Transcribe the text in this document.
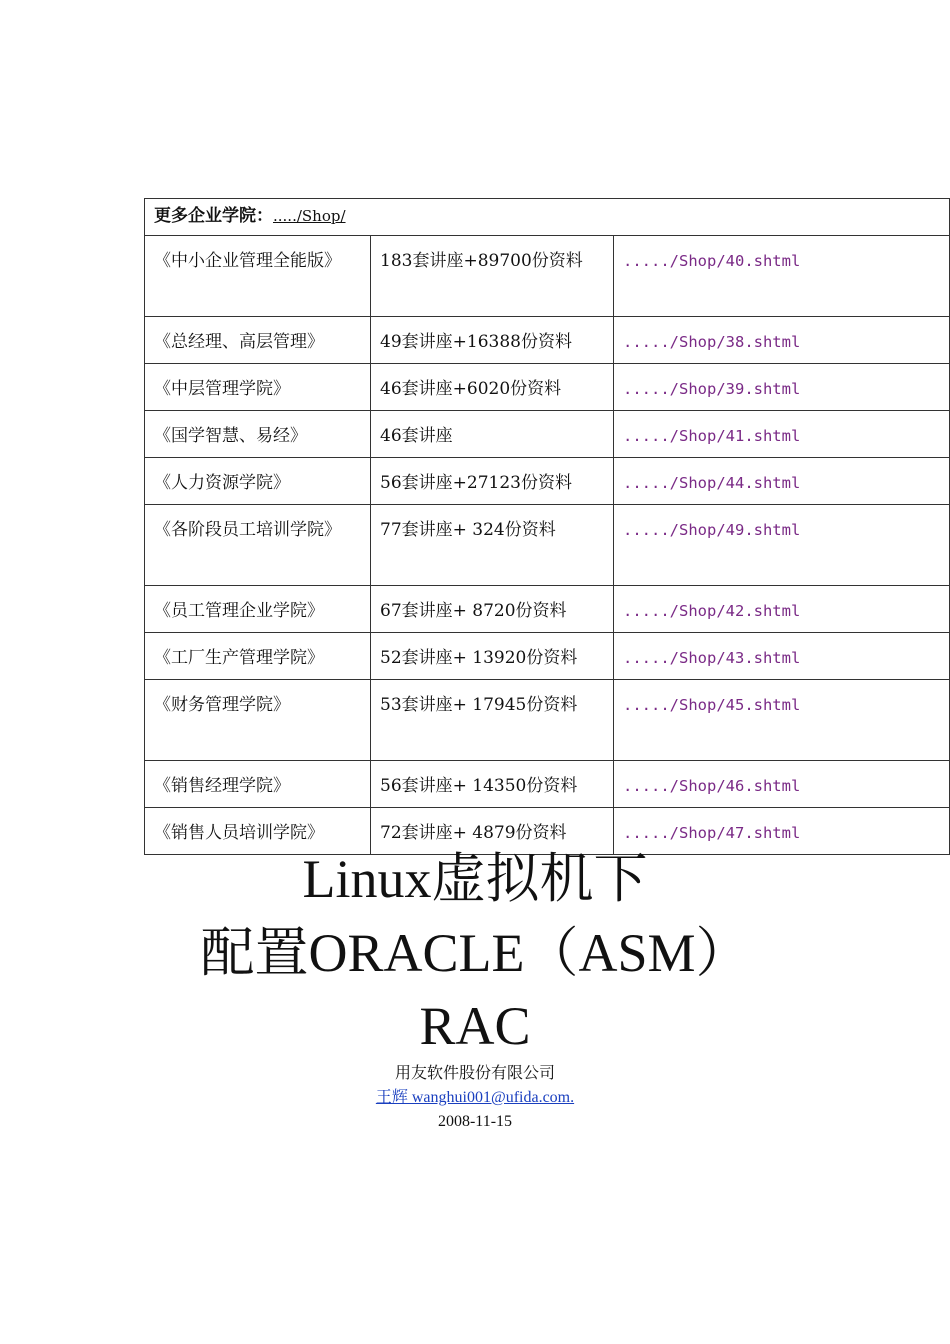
更多企业学院：...../Shop/		
《中小企业管理全能版》	183套讲座+89700份资料	...../Shop/40.shtml
《总经理、高层管理》	49套讲座+16388份资料	...../Shop/38.shtml
《中层管理学院》	46套讲座+6020份资料	...../Shop/39.shtml
《国学智慧、易经》	46套讲座	...../Shop/41.shtml
《人力资源学院》	56套讲座+27123份资料	...../Shop/44.shtml
《各阶段员工培训学院》	77套讲座+ 324份资料	...../Shop/49.shtml
《员工管理企业学院》	67套讲座+ 8720份资料	...../Shop/42.shtml
《工厂生产管理学院》	52套讲座+ 13920份资料	...../Shop/43.shtml
《财务管理学院》	53套讲座+ 17945份资料	...../Shop/45.shtml
《销售经理学院》	56套讲座+ 14350份资料	...../Shop/46.shtml
《销售人员培训学院》	72套讲座+ 4879份资料	...../Shop/47.shtml
Linux虚拟机下
配置ORACLE（ASM）
RAC
用友软件股份有限公司
王辉 wanghui001@ufida.com.
2008-11-15
